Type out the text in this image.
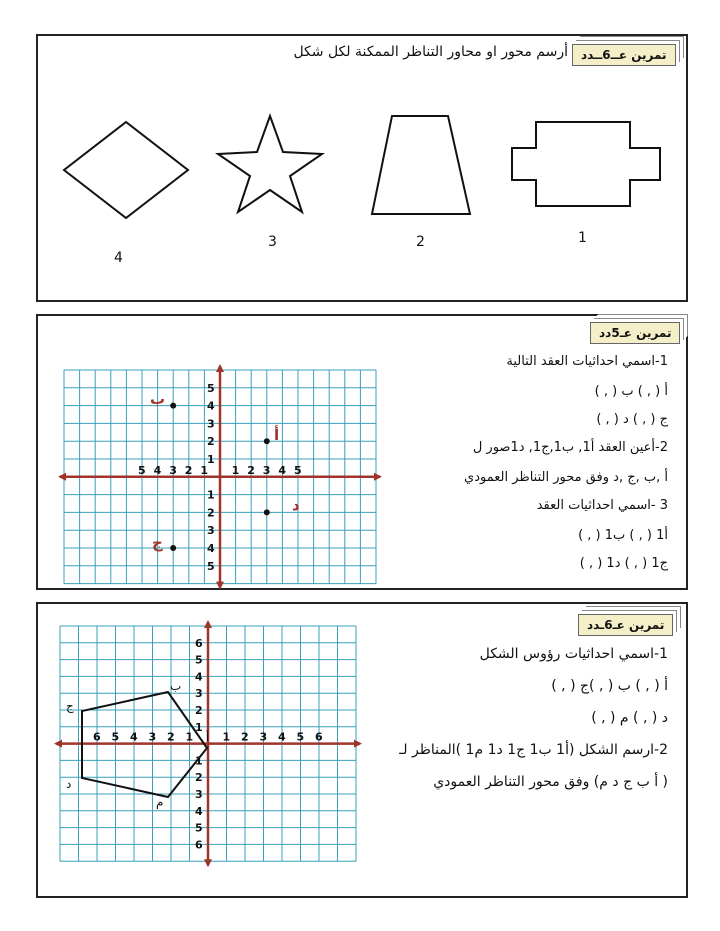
تمرين عــ6ــدد
أرسم محور او محاور التناظر الممكنة لكل شكل
1
2
3
4
تمرين عـ5دد
1-اسمي احداثيات العقد التالية
أ ( , ) ب ( , )
ج ( , ) د ( , )
2-أعين العقد أ1, ب1,ج1, د1صور ل
أ ,ب ,ج ,د وفق محور التناظر العمودي
3 -اسمي احداثيات العقد
أ1 ( , ) ب1 ( , )
ج1 ( , ) د1 ( , )
1
1
1
1
2
2
2
2
3
3
3
3
4
4
4
4
5
5
5
5
أ
ب
ج
د
تمرين عـ6ـدد
1-اسمي احداثيات رؤوس الشكل
أ ( , ) ب ( , )ج ( , )
د ( , ) م ( , )
2-ارسم الشكل (أ1 ب1 ج1 د1 م1 )المناظر لـ
( أ ب ج د م) وفق محور التناظر العمودي
1
1
1
1
2
2
2
2
3
3
3
3
4
4
4
4
5
5
5
5
6
6
6
6
أ
ب
ج
د
م
